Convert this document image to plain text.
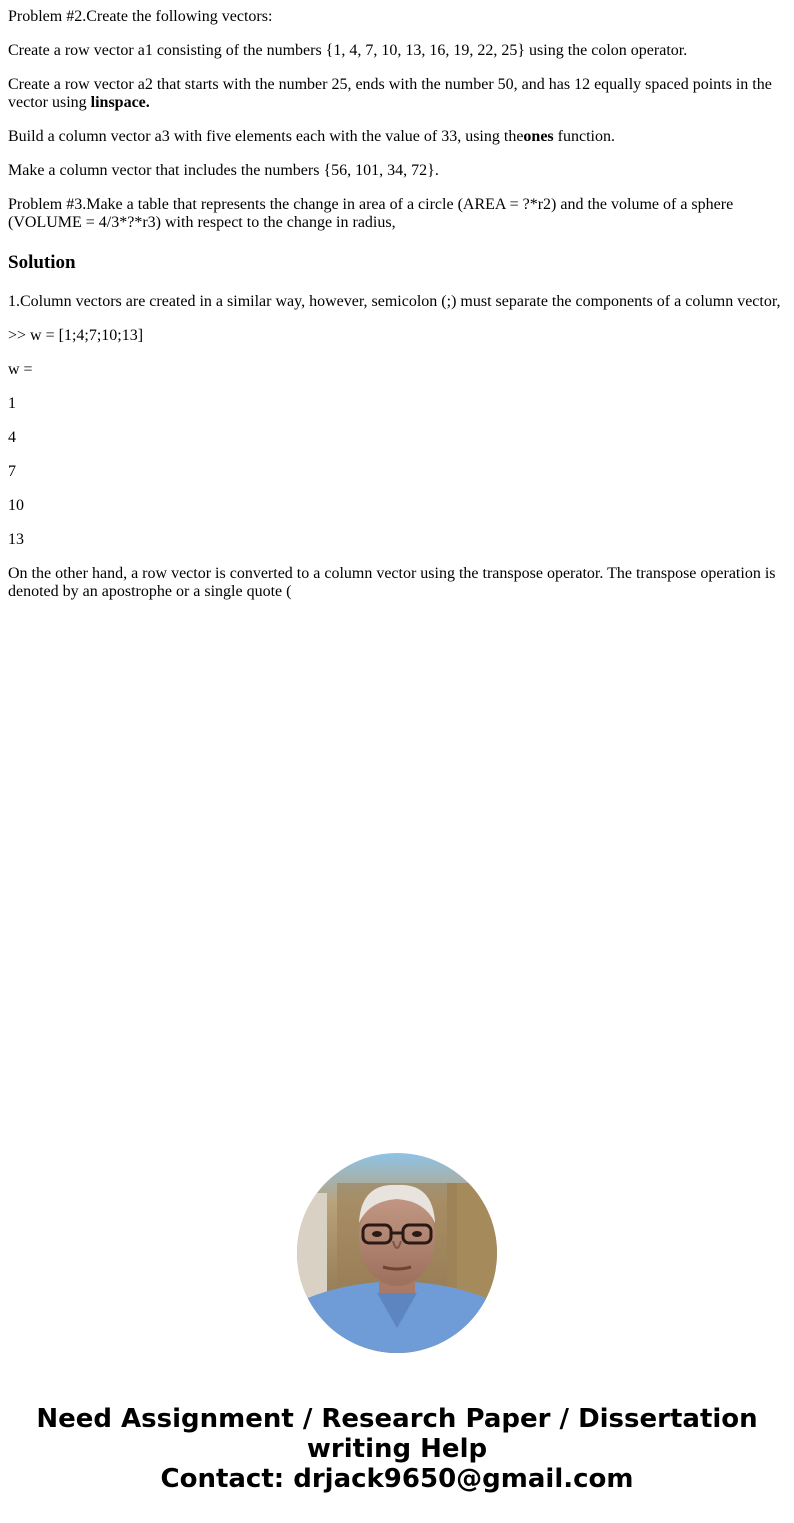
Problem #2.Create the following vectors:

Create a row vector a1 consisting of the numbers {1, 4, 7, 10, 13, 16, 19, 22, 25} using the colon operator.

Create a row vector a2 that starts with the number 25, ends with the number 50, and has 12 equally spaced points in the vector using linspace.

Build a column vector a3 with five elements each with the value of 33, using theones function.

Make a column vector that includes the numbers {56, 101, 34, 72}.

Problem #3.Make a table that represents the change in area of a circle (AREA = ?*r2) and the volume of a sphere (VOLUME = 4/3*?*r3) with respect to the change in radius,

Solution

1.Column vectors are created in a similar way, however, semicolon (;) must separate the components of a column vector,

>> w = [1;4;7;10;13]

w =

1

4

7

10

13

On the other hand, a row vector is converted to a column vector using the transpose operator. The transpose operation is denoted by an apostrophe or a single quote (

Need Assignment / Research Paper / Dissertation
writing Help
Contact: drjack9650@gmail.com
